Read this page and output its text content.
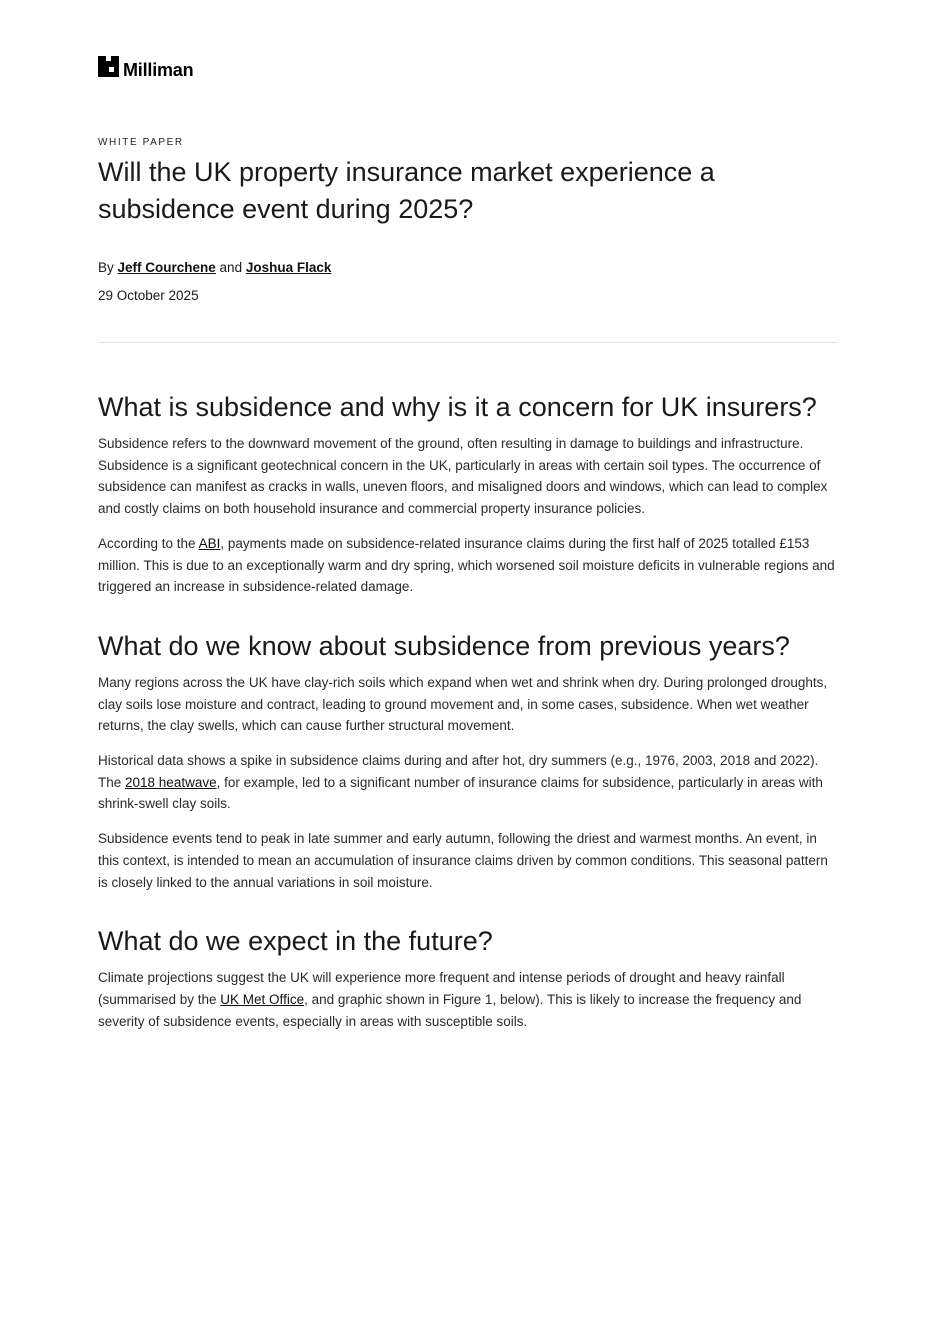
Milliman
WHITE PAPER
Will the UK property insurance market experience a subsidence event during 2025?
By Jeff Courchene and Joshua Flack
29 October 2025
What is subsidence and why is it a concern for UK insurers?

Subsidence refers to the downward movement of the ground, often resulting in damage to buildings and infrastructure. Subsidence is a significant geotechnical concern in the UK, particularly in areas with certain soil types. The occurrence of subsidence can manifest as cracks in walls, uneven floors, and misaligned doors and windows, which can lead to complex and costly claims on both household insurance and commercial property insurance policies.

According to the ABI, payments made on subsidence-related insurance claims during the first half of 2025 totalled £153 million. This is due to an exceptionally warm and dry spring, which worsened soil moisture deficits in vulnerable regions and triggered an increase in subsidence-related damage.

What do we know about subsidence from previous years?

Many regions across the UK have clay-rich soils which expand when wet and shrink when dry. During prolonged droughts, clay soils lose moisture and contract, leading to ground movement and, in some cases, subsidence. When wet weather returns, the clay swells, which can cause further structural movement.

Historical data shows a spike in subsidence claims during and after hot, dry summers (e.g., 1976, 2003, 2018 and 2022). The 2018 heatwave, for example, led to a significant number of insurance claims for subsidence, particularly in areas with shrink-swell clay soils.

Subsidence events tend to peak in late summer and early autumn, following the driest and warmest months. An event, in this context, is intended to mean an accumulation of insurance claims driven by common conditions. This seasonal pattern is closely linked to the annual variations in soil moisture.

What do we expect in the future?

Climate projections suggest the UK will experience more frequent and intense periods of drought and heavy rainfall (summarised by the UK Met Office, and graphic shown in Figure 1, below). This is likely to increase the frequency and severity of subsidence events, especially in areas with susceptible soils.
